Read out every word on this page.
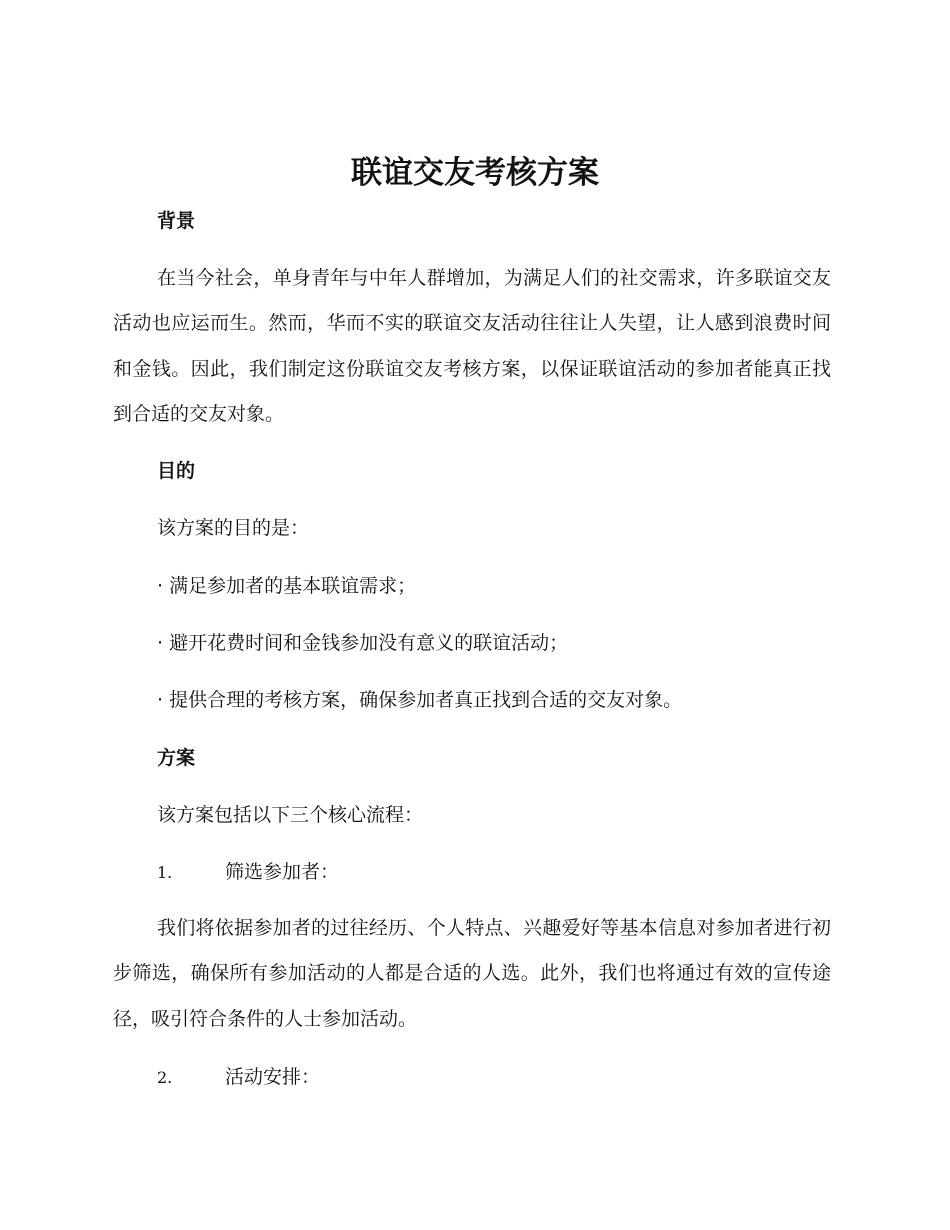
联谊交友考核方案
背景

在当今社会，单身青年与中年人群增加，为满足人们的社交需求，许多联谊交友活动也应运而生。然而，华而不实的联谊交友活动往往让人失望，让人感到浪费时间和金钱。因此，我们制定这份联谊交友考核方案，以保证联谊活动的参加者能真正找到合适的交友对象。

目的

该方案的目的是：

· 满足参加者的基本联谊需求；

· 避开花费时间和金钱参加没有意义的联谊活动；

· 提供合理的考核方案，确保参加者真正找到合适的交友对象。

方案

该方案包括以下三个核心流程：

1.	筛选参加者：

我们将依据参加者的过往经历、个人特点、兴趣爱好等基本信息对参加者进行初步筛选，确保所有参加活动的人都是合适的人选。此外，我们也将通过有效的宣传途径，吸引符合条件的人士参加活动。

2.	活动安排：
